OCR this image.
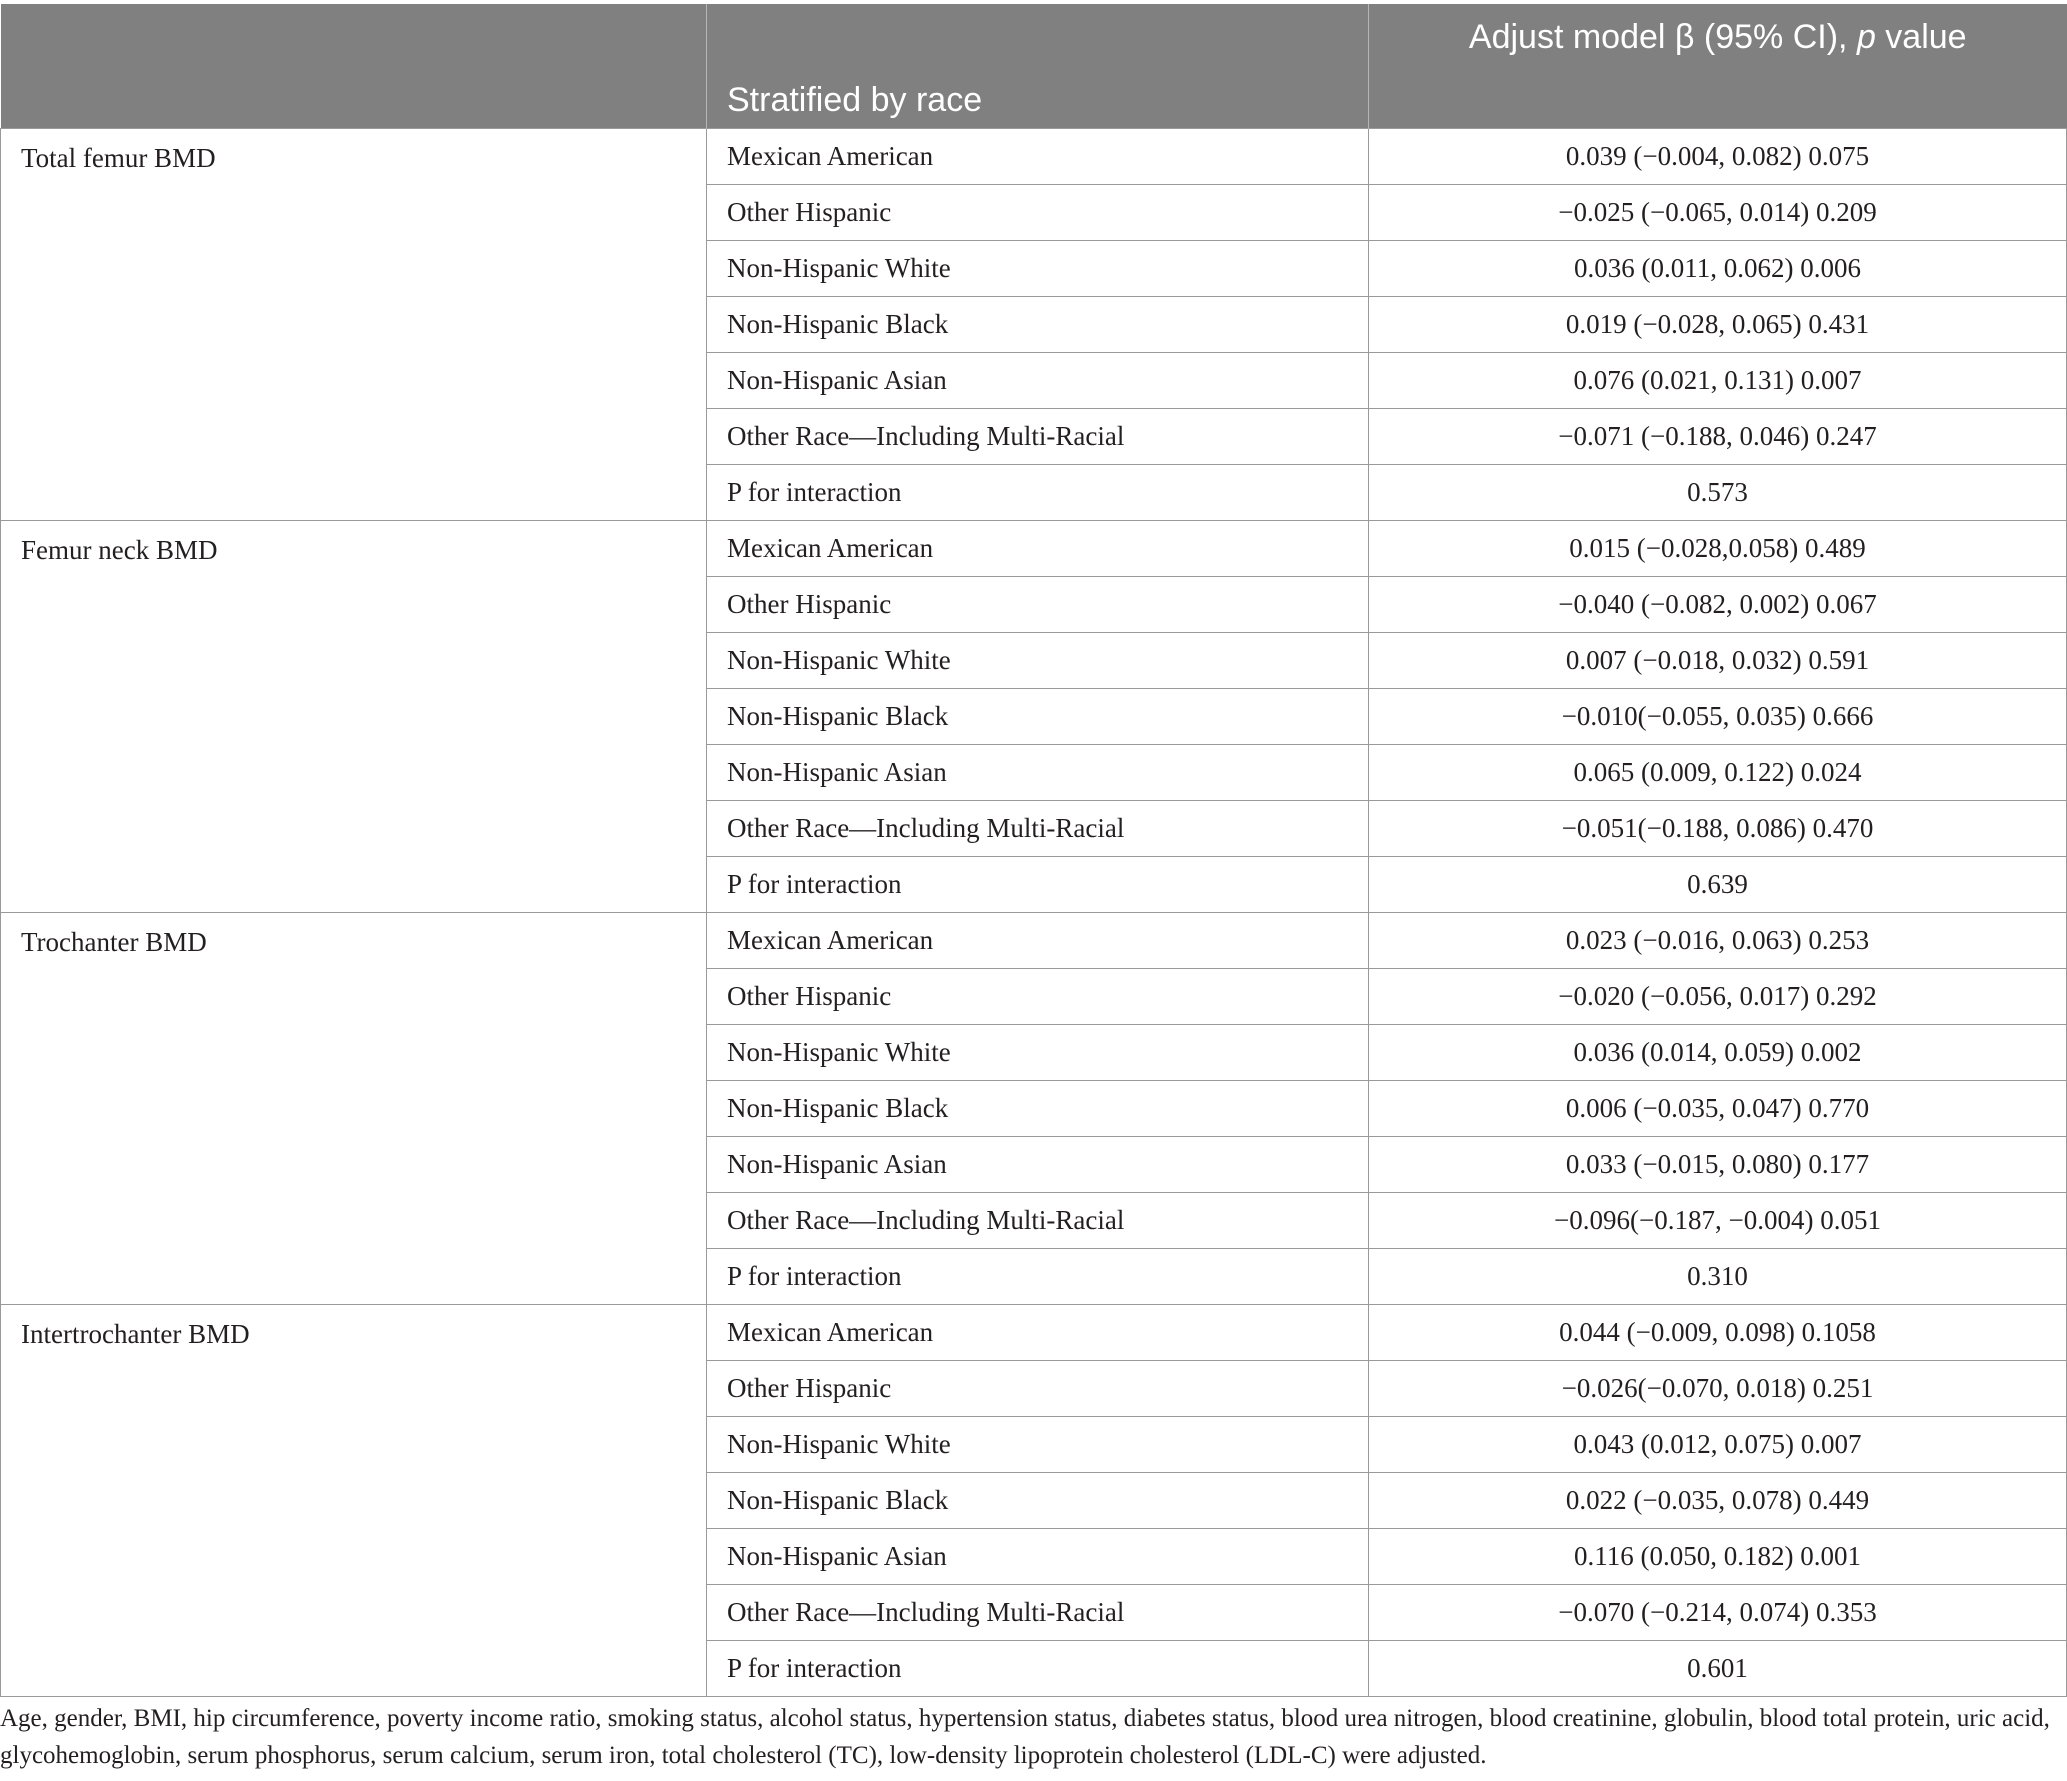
	Stratified by race	Adjust model β (95% CI), p value

Total femur BMD	Mexican American	0.039 (−0.004, 0.082) 0.075
	Other Hispanic	−0.025 (−0.065, 0.014) 0.209
	Non-Hispanic White	0.036 (0.011, 0.062) 0.006
	Non-Hispanic Black	0.019 (−0.028, 0.065) 0.431
	Non-Hispanic Asian	0.076 (0.021, 0.131) 0.007
	Other Race—Including Multi-Racial	−0.071 (−0.188, 0.046) 0.247
	P for interaction	0.573
Femur neck BMD	Mexican American	0.015 (−0.028,0.058) 0.489
	Other Hispanic	−0.040 (−0.082, 0.002) 0.067
	Non-Hispanic White	0.007 (−0.018, 0.032) 0.591
	Non-Hispanic Black	−0.010(−0.055, 0.035) 0.666
	Non-Hispanic Asian	0.065 (0.009, 0.122) 0.024
	Other Race—Including Multi-Racial	−0.051(−0.188, 0.086) 0.470
	P for interaction	0.639
Trochanter BMD	Mexican American	0.023 (−0.016, 0.063) 0.253
	Other Hispanic	−0.020 (−0.056, 0.017) 0.292
	Non-Hispanic White	0.036 (0.014, 0.059) 0.002
	Non-Hispanic Black	0.006 (−0.035, 0.047) 0.770
	Non-Hispanic Asian	0.033 (−0.015, 0.080) 0.177
	Other Race—Including Multi-Racial	−0.096(−0.187, −0.004) 0.051
	P for interaction	0.310
Intertrochanter BMD	Mexican American	0.044 (−0.009, 0.098) 0.1058
	Other Hispanic	−0.026(−0.070, 0.018) 0.251
	Non-Hispanic White	0.043 (0.012, 0.075) 0.007
	Non-Hispanic Black	0.022 (−0.035, 0.078) 0.449
	Non-Hispanic Asian	0.116 (0.050, 0.182) 0.001
	Other Race—Including Multi-Racial	−0.070 (−0.214, 0.074) 0.353
	P for interaction	0.601

Age, gender, BMI, hip circumference, poverty income ratio, smoking status, alcohol status, hypertension status, diabetes status, blood urea nitrogen, blood creatinine, globulin, blood total protein, uric acid, glycohemoglobin, serum phosphorus, serum calcium, serum iron, total cholesterol (TC), low-density lipoprotein cholesterol (LDL-C) were adjusted.
